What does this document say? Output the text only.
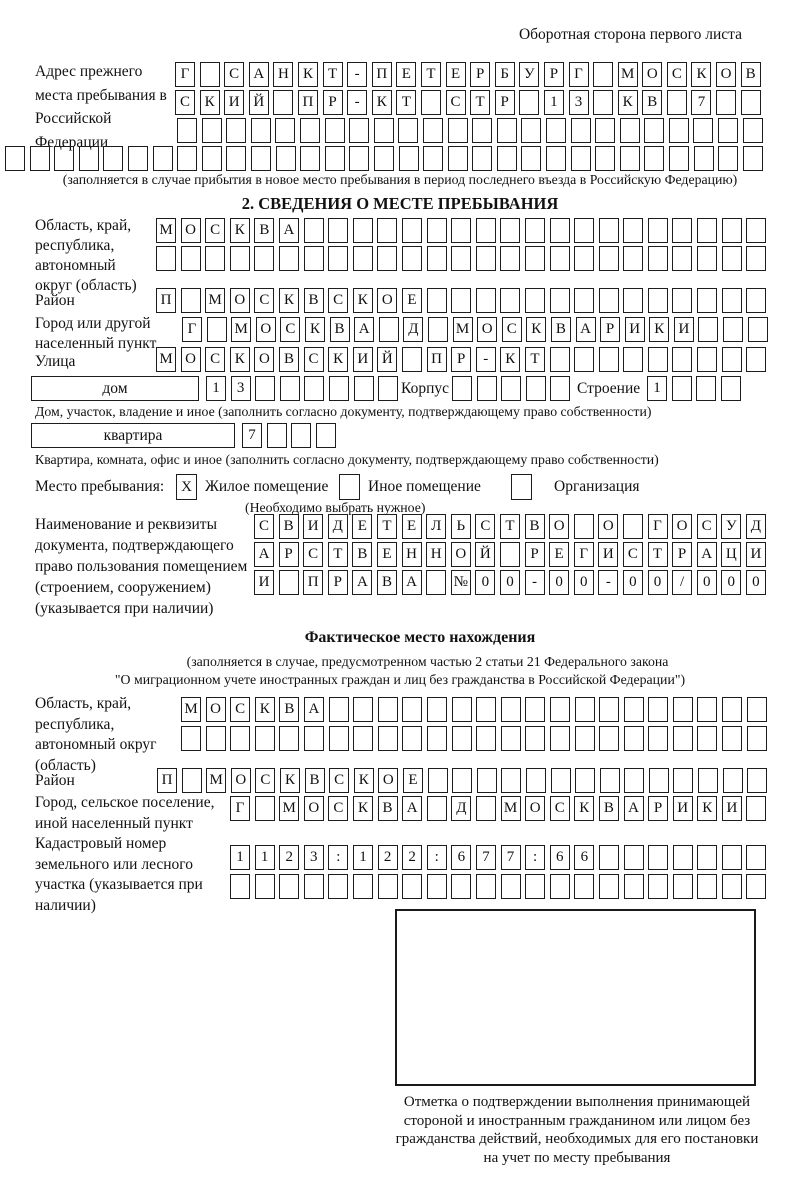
Оборотная сторона первого листа
Адрес прежнего места пребывания в Российской Федерации
Г	С А Н К	Т	-	П Е	Т	Е	Р	Б У	Р	Г	М О С К О В
С К И Й	П	Р	-	К	Т	С	Т	Р	1	3	К В	7
(заполняется в случае прибытия в новое место пребывания в период последнего въезда в Российскую Федерацию)
2. СВЕДЕНИЯ О МЕСТЕ ПРЕБЫВАНИЯ
Область, край, республика, автономный округ (область)
М О С К В А
Район	П	М О С К В С К О Е
Город или другой населенный пункт
Г	М О С К В А	Д	М О С К В А	Р	И К И
Улица	М О С К О В С К И Й	П	Р	-	К	Т
дом	1	3	Корпус	Строение 1
Дом, участок, владение и иное (заполнить согласно документу, подтверждающему право собственности)
квартира	7
Квартира, комната, офис и иное (заполнить согласно документу, подтверждающему право собственности)
Место пребывания:	X Жилое помещение	Иное помещение	Организация
(Необходимо выбрать нужное)
Наименование и реквизиты документа, подтверждающего право пользования помещением (строением, сооружением) (указывается при наличии)
С В И Д Е	Т	Е Л	Ь	С	Т	В О	О	Г О С У Д
А	Р	С	Т	В	Е Н Н О Й	Р	Е	Г И С	Т	Р	А Ц И
И	П	Р	А В А	№ 0	0	-	0	0	-	0	0	/	0	0	0
Фактическое место нахождения
(заполняется в случае, предусмотренном частью 2 статьи 21 Федерального закона
"О миграционном учете иностранных граждан и лиц без гражданства в Российской Федерации")
Область, край, республика, автономный округ (область)
М О С К В А
Район	П	М О С К В С К О Е
Город, сельское поселение, иной населенный пункт
Г	М О С К В А	Д	М О С К В А	Р	И К И
Кадастровый номер земельного или лесного участка (указывается при наличии)
1	1	2	3	:	1	2	2	:	6	7	7	:	6	6
Отметка о подтверждении выполнения принимающей стороной и иностранным гражданином или лицом без гражданства действий, необходимых для его постановки на учет по месту пребывания
